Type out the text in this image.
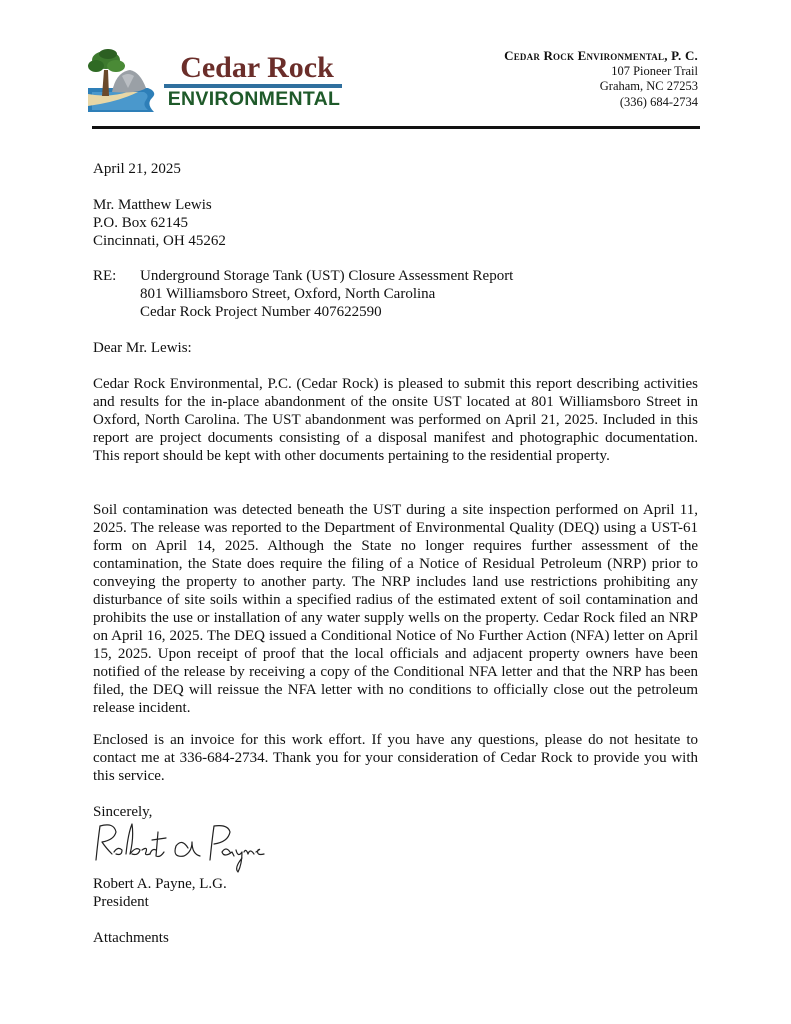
Cedar Rock
ENVIRONMENTAL
Cedar Rock Environmental, P. C.
107 Pioneer Trail
Graham, NC 27253
(336) 684-2734
April 21, 2025
Mr. Matthew Lewis
P.O. Box 62145
Cincinnati, OH 45262
RE: Underground Storage Tank (UST) Closure Assessment Report
801 Williamsboro Street, Oxford, North Carolina
Cedar Rock Project Number 407622590
Dear Mr. Lewis:
Cedar Rock Environmental, P.C. (Cedar Rock) is pleased to submit this report describing activities and results for the in-place abandonment of the onsite UST located at 801 Williamsboro Street in Oxford, North Carolina. The UST abandonment was performed on April 21, 2025. Included in this report are project documents consisting of a disposal manifest and photographic documentation. This report should be kept with other documents pertaining to the residential property.
Soil contamination was detected beneath the UST during a site inspection performed on April 11, 2025. The release was reported to the Department of Environmental Quality (DEQ) using a UST-61 form on April 14, 2025. Although the State no longer requires further assessment of the contamination, the State does require the filing of a Notice of Residual Petroleum (NRP) prior to conveying the property to another party. The NRP includes land use restrictions prohibiting any disturbance of site soils within a specified radius of the estimated extent of soil contamination and prohibits the use or installation of any water supply wells on the property. Cedar Rock filed an NRP on April 16, 2025. The DEQ issued a Conditional Notice of No Further Action (NFA) letter on April 15, 2025. Upon receipt of proof that the local officials and adjacent property owners have been notified of the release by receiving a copy of the Conditional NFA letter and that the NRP has been filed, the DEQ will reissue the NFA letter with no conditions to officially close out the petroleum release incident.
Enclosed is an invoice for this work effort. If you have any questions, please do not hesitate to contact me at 336-684-2734. Thank you for your consideration of Cedar Rock to provide you with this service.
Sincerely,
Robert A. Payne, L.G.
President
Attachments
